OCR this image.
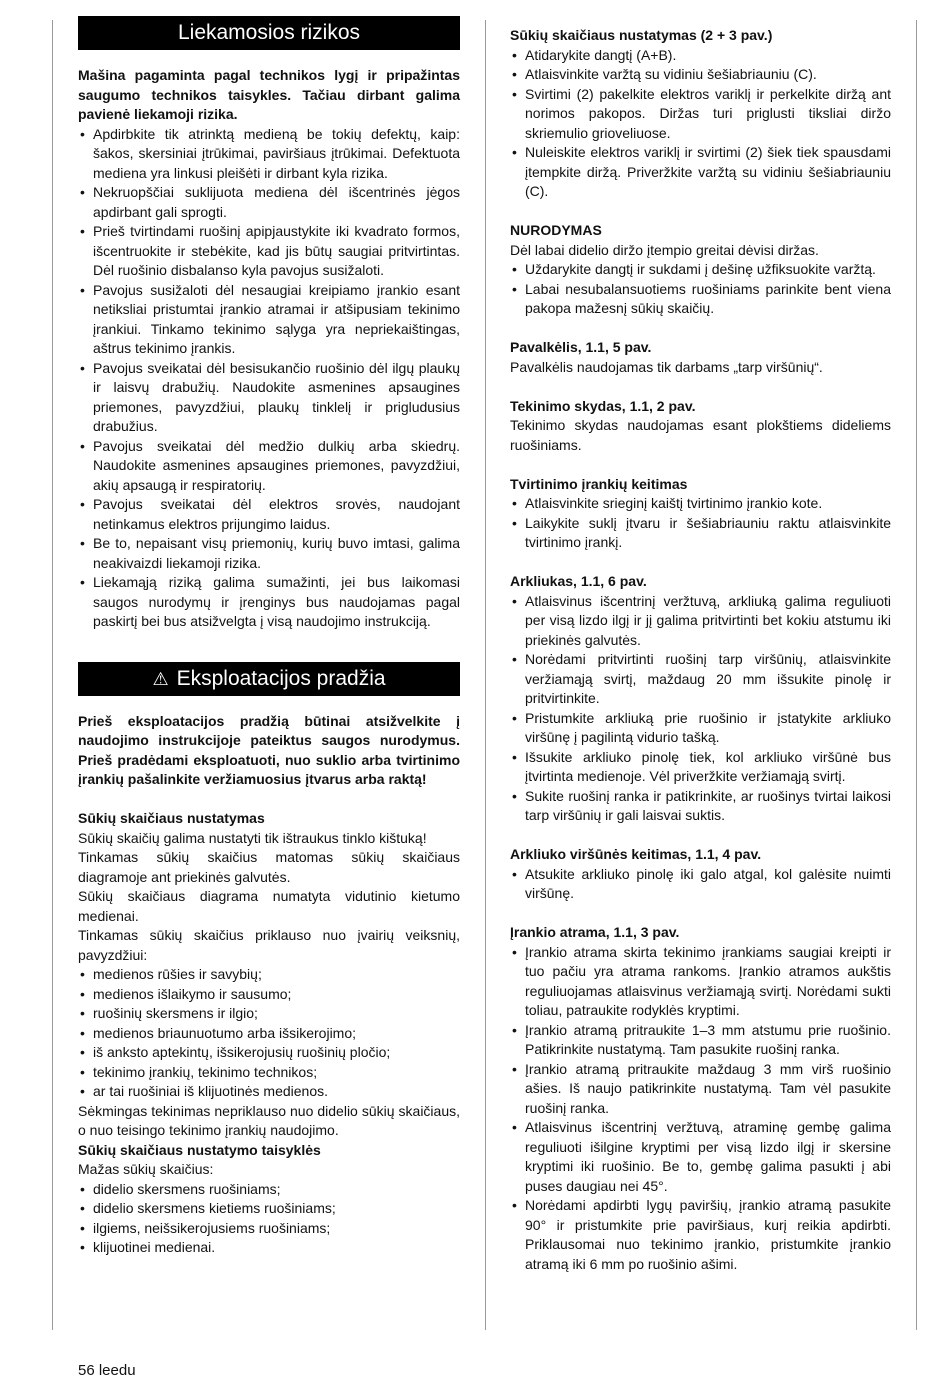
Liekamosios rizikos

Mašina pagaminta pagal technikos lygį ir pripažintas saugumo technikos taisykles. Tačiau dirbant galima pavienė liekamoji rizika.

• Apdirbkite tik atrinktą medieną be tokių defektų, kaip: šakos, skersiniai įtrūkimai, paviršiaus įtrūkimai. Defektuota mediena yra linkusi pleišėti ir dirbant kyla rizika.
• Nekruopščiai suklijuota mediena dėl išcentrinės jėgos apdirbant gali sprogti.
• Prieš tvirtindami ruošinį apipjaustykite iki kvadrato formos, išcentruokite ir stebėkite, kad jis būtų saugiai pritvirtintas. Dėl ruošinio disbalanso kyla pavojus susižaloti.
• Pavojus susižaloti dėl nesaugiai kreipiamo įrankio esant netiksliai pristumtai įrankio atramai ir atšipusiam tekinimo įrankiui. Tinkamo tekinimo sąlyga yra nepriekaištingas, aštrus tekinimo įrankis.
• Pavojus sveikatai dėl besisukančio ruošinio dėl ilgų plaukų ir laisvų drabužių. Naudokite asmenines apsaugines priemones, pavyzdžiui, plaukų tinklelį ir prigludusius drabužius.
• Pavojus sveikatai dėl medžio dulkių arba skiedrų. Naudokite asmenines apsaugines priemones, pavyzdžiui, akių apsaugą ir respiratorių.
• Pavojus sveikatai dėl elektros srovės, naudojant netinkamus elektros prijungimo laidus.
• Be to, nepaisant visų priemonių, kurių buvo imtasi, galima neakivaizdi liekamoji rizika.
• Liekamąją riziką galima sumažinti, jei bus laikomasi saugos nurodymų ir įrenginys bus naudojamas pagal paskirtį bei bus atsižvelgta į visą naudojimo instrukciją.
⚠ Eksploatacijos pradžia

Prieš eksploatacijos pradžią būtinai atsižvelkite į naudojimo instrukcijoje pateiktus saugos nurodymus. Prieš pradėdami eksploatuoti, nuo suklio arba tvirtinimo įrankių pašalinkite veržiamuosius įtvarus arba raktą!

Sūkių skaičiaus nustatymas

Sūkių skaičių galima nustatyti tik ištraukus tinklo kištuką!

Tinkamas sūkių skaičius matomas sūkių skaičiaus diagramoje ant priekinės galvutės.

Sūkių skaičiaus diagrama numatyta vidutinio kietumo medienai.

Tinkamas sūkių skaičius priklauso nuo įvairių veiksnių, pavyzdžiui:

• medienos rūšies ir savybių;
• medienos išlaikymo ir sausumo;
• ruošinių skersmens ir ilgio;
• medienos briaunuotumo arba išsikerojimo;
• iš anksto aptekintų, išsikerojusių ruošinių pločio;
• tekinimo įrankių, tekinimo technikos;
• ar tai ruošiniai iš klijuotinės medienos.

Sėkmingas tekinimas nepriklauso nuo didelio sūkių skaičiaus, o nuo teisingo tekinimo įrankių naudojimo.

Sūkių skaičiaus nustatymo taisyklės

Mažas sūkių skaičius:

• didelio skersmens ruošiniams;
• didelio skersmens kietiems ruošiniams;
• ilgiems, neišsikerojusiems ruošiniams;
• klijuotinei medienai.
Sūkių skaičiaus nustatymas (2 + 3 pav.)
• Atidarykite dangtį (A+B).
• Atlaisvinkite varžtą su vidiniu šešiabriauniu (C).
• Svirtimi (2) pakelkite elektros variklį ir perkelkite diržą ant norimos pakopos. Diržas turi priglusti tiksliai diržo skriemulio grioveliuose.
• Nuleiskite elektros variklį ir svirtimi (2) šiek tiek spausdami įtempkite diržą. Priveržkite varžtą su vidiniu šešiabriauniu (C).
NURODYMAS

Dėl labai didelio diržo įtempio greitai dėvisi diržas.

• Uždarykite dangtį ir sukdami į dešinę užfiksuokite varžtą.
• Labai nesubalansuotiems ruošiniams parinkite bent viena pakopa mažesnį sūkių skaičių.
Pavalkėlis, 1.1, 5 pav.

Pavalkėlis naudojamas tik darbams „tarp viršūnių“.

Tekinimo skydas, 1.1, 2 pav.

Tekinimo skydas naudojamas esant plokštiems dideliems ruošiniams.

Tvirtinimo įrankių keitimas
• Atlaisvinkite srieginį kaištį tvirtinimo įrankio kote.
• Laikykite suklį įtvaru ir šešiabriauniu raktu atlaisvinkite tvirtinimo įrankį.
Arkliukas, 1.1, 6 pav.
• Atlaisvinus išcentrinį veržtuvą, arkliuką galima reguliuoti per visą lizdo ilgį ir jį galima pritvirtinti bet kokiu atstumu iki priekinės galvutės.
• Norėdami pritvirtinti ruošinį tarp viršūnių, atlaisvinkite veržiamąją svirtį, maždaug 20 mm išsukite pinolę ir pritvirtinkite.
• Pristumkite arkliuką prie ruošinio ir įstatykite arkliuko viršūnę į pagilintą vidurio tašką.
• Išsukite arkliuko pinolę tiek, kol arkliuko viršūnė bus įtvirtinta medienoje. Vėl priveržkite veržiamąją svirtį.
• Sukite ruošinį ranka ir patikrinkite, ar ruošinys tvirtai laikosi tarp viršūnių ir gali laisvai suktis.
Arkliuko viršūnės keitimas, 1.1, 4 pav.
• Atsukite arkliuko pinolę iki galo atgal, kol galėsite nuimti viršūnę.
Įrankio atrama, 1.1, 3 pav.
• Įrankio atrama skirta tekinimo įrankiams saugiai kreipti ir tuo pačiu yra atrama rankoms. Įrankio atramos aukštis reguliuojamas atlaisvinus veržiamąją svirtį. Norėdami sukti toliau, patraukite rodyklės kryptimi.
• Įrankio atramą pritraukite 1–3 mm atstumu prie ruošinio. Patikrinkite nustatymą. Tam pasukite ruošinį ranka.
• Įrankio atramą pritraukite maždaug 3 mm virš ruošinio ašies. Iš naujo patikrinkite nustatymą. Tam vėl pasukite ruošinį ranka.
• Atlaisvinus išcentrinį veržtuvą, atraminę gembę galima reguliuoti išilgine kryptimi per visą lizdo ilgį ir skersine kryptimi iki ruošinio. Be to, gembę galima pasukti į abi puses daugiau nei 45°.
• Norėdami apdirbti lygų paviršių, įrankio atramą pasukite 90° ir pristumkite prie paviršiaus, kurį reikia apdirbti. Priklausomai nuo tekinimo įrankio, pristumkite įrankio atramą iki 6 mm po ruošinio ašimi.
56 leedu
